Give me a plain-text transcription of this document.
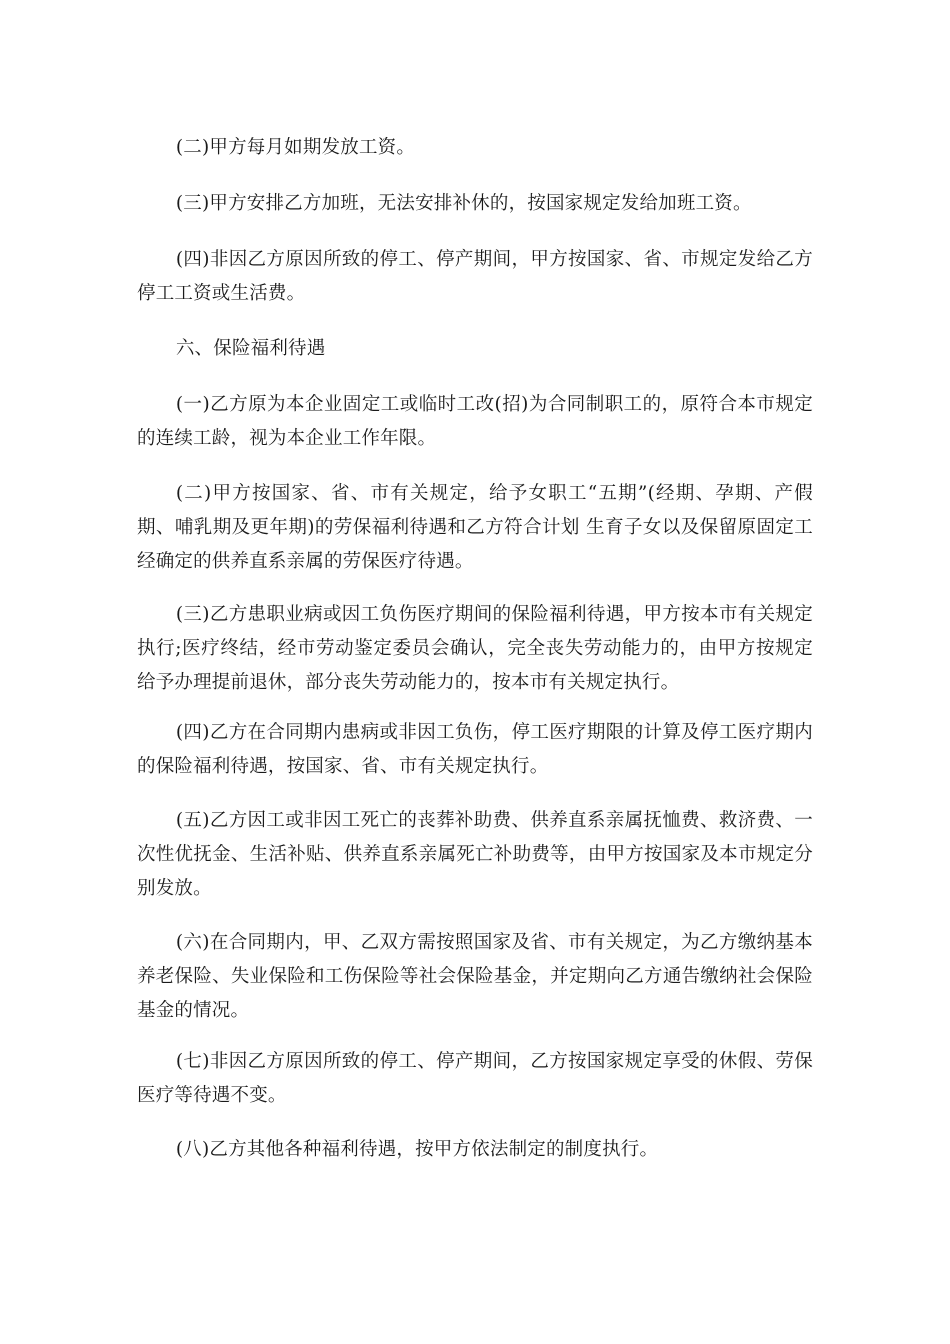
(二)甲方每月如期发放工资。

(三)甲方安排乙方加班，无法安排补休的，按国家规定发给加班工资。

(四)非因乙方原因所致的停工、停产期间，甲方按国家、省、市规定发给乙方停工工资或生活费。

六、保险福利待遇

(一)乙方原为本企业固定工或临时工改(招)为合同制职工的，原符合本市规定的连续工龄，视为本企业工作年限。

(二)甲方按国家、省、市有关规定，给予女职工“五期”(经期、孕期、产假期、哺乳期及更年期)的劳保福利待遇和乙方符合计划 生育子女以及保留原固定工经确定的供养直系亲属的劳保医疗待遇。

(三)乙方患职业病或因工负伤医疗期间的保险福利待遇，甲方按本市有关规定执行;医疗终结，经市劳动鉴定委员会确认，完全丧失劳动能力的，由甲方按规定给予办理提前退休，部分丧失劳动能力的，按本市有关规定执行。

(四)乙方在合同期内患病或非因工负伤，停工医疗期限的计算及停工医疗期内的保险福利待遇，按国家、省、市有关规定执行。

(五)乙方因工或非因工死亡的丧葬补助费、供养直系亲属抚恤费、救济费、一次性优抚金、生活补贴、供养直系亲属死亡补助费等，由甲方按国家及本市规定分别发放。

(六)在合同期内，甲、乙双方需按照国家及省、市有关规定，为乙方缴纳基本养老保险、失业保险和工伤保险等社会保险基金，并定期向乙方通告缴纳社会保险基金的情况。

(七)非因乙方原因所致的停工、停产期间，乙方按国家规定享受的休假、劳保医疗等待遇不变。

(八)乙方其他各种福利待遇，按甲方依法制定的制度执行。
